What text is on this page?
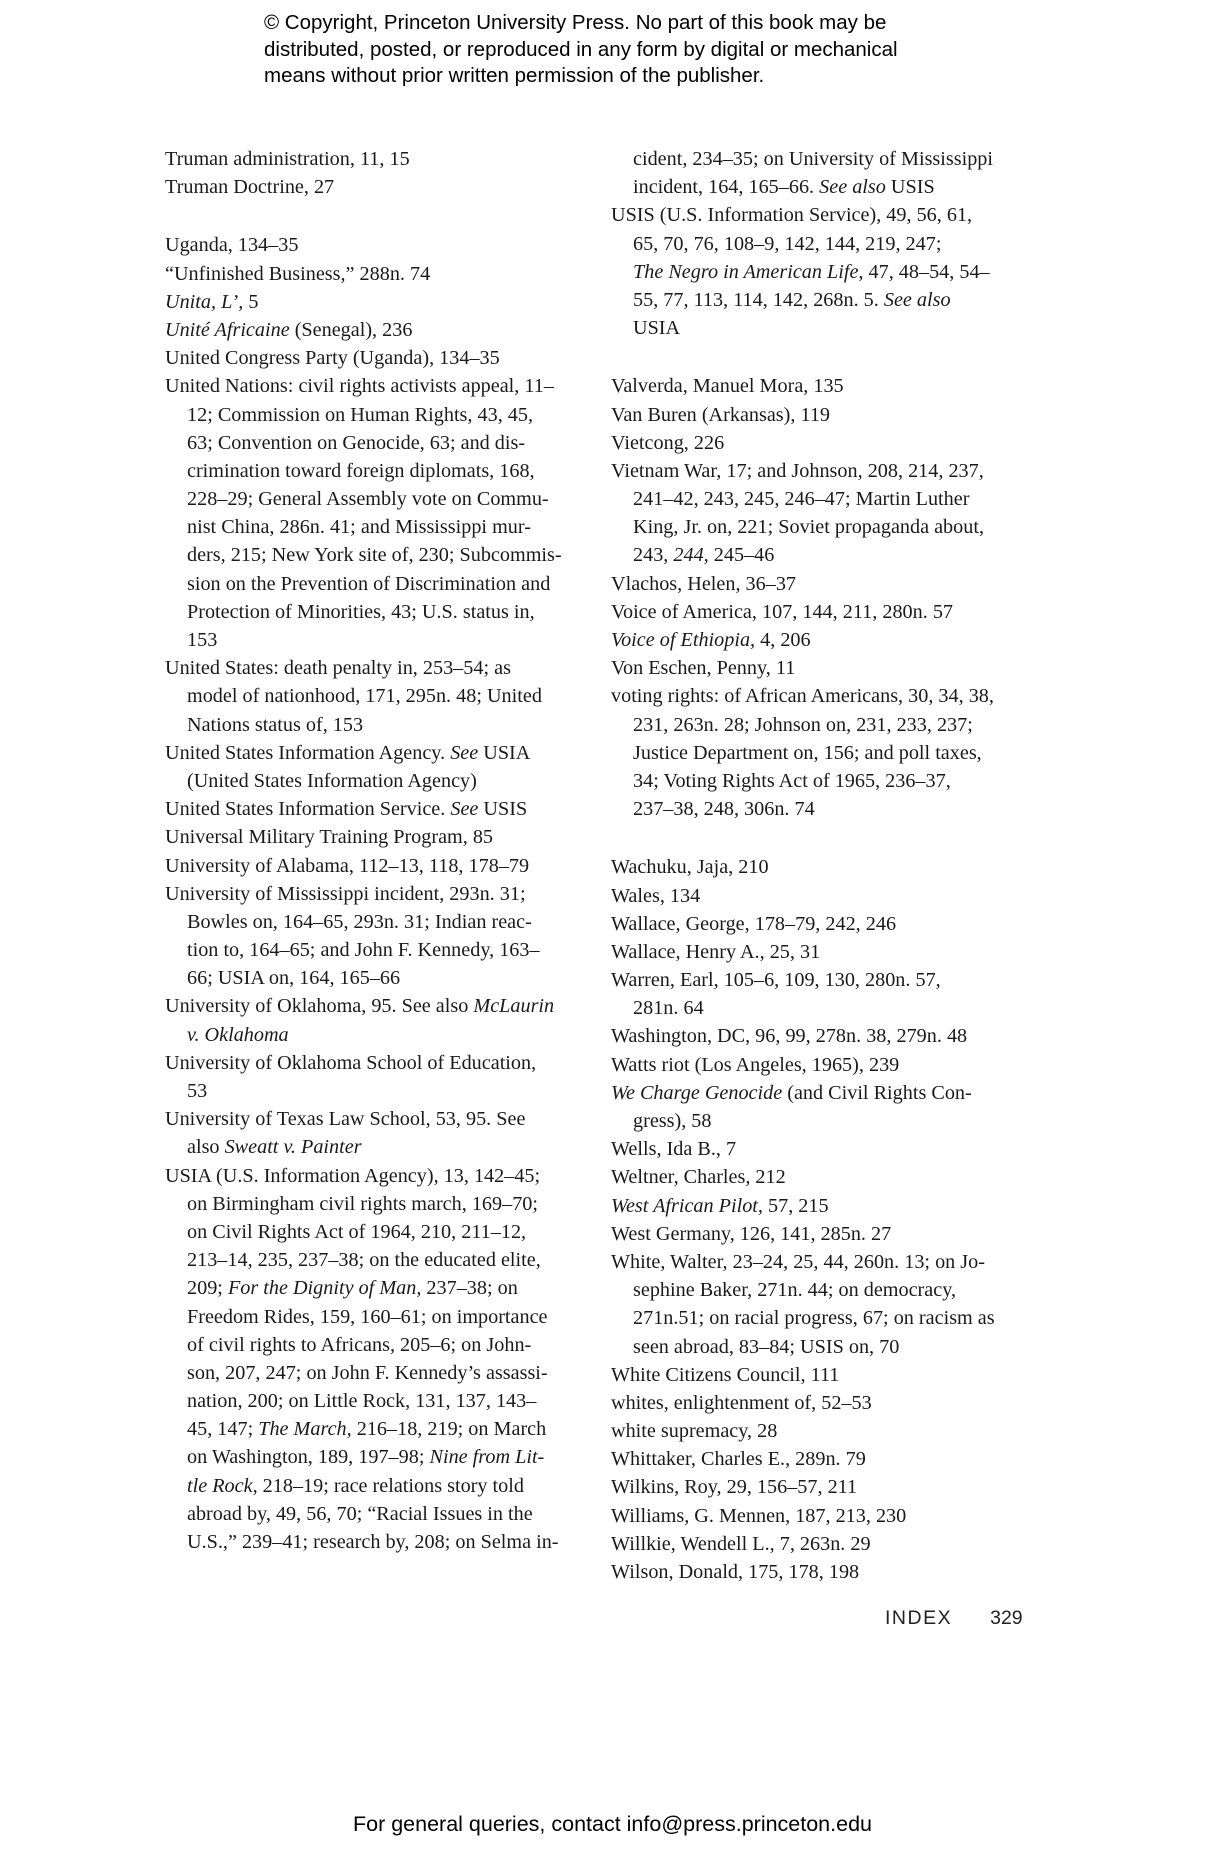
© Copyright, Princeton University Press. No part of this book may be
distributed, posted, or reproduced in any form by digital or mechanical
means without prior written permission of the publisher.
Truman administration, 11, 15
Truman Doctrine, 27
Uganda, 134–35
“Unfinished Business,” 288n. 74
Unita, L’, 5
Unité Africaine (Senegal), 236
United Congress Party (Uganda), 134–35
United Nations: civil rights activists appeal, 11–
12; Commission on Human Rights, 43, 45,
63; Convention on Genocide, 63; and dis-
crimination toward foreign diplomats, 168,
228–29; General Assembly vote on Commu-
nist China, 286n. 41; and Mississippi mur-
ders, 215; New York site of, 230; Subcommis-
sion on the Prevention of Discrimination and
Protection of Minorities, 43; U.S. status in,
153
United States: death penalty in, 253–54; as
model of nationhood, 171, 295n. 48; United
Nations status of, 153
United States Information Agency. See USIA
(United States Information Agency)
United States Information Service. See USIS
Universal Military Training Program, 85
University of Alabama, 112–13, 118, 178–79
University of Mississippi incident, 293n. 31;
Bowles on, 164–65, 293n. 31; Indian reac-
tion to, 164–65; and John F. Kennedy, 163–
66; USIA on, 164, 165–66
University of Oklahoma, 95. See also McLaurin
v. Oklahoma
University of Oklahoma School of Education,
53
University of Texas Law School, 53, 95. See
also Sweatt v. Painter
USIA (U.S. Information Agency), 13, 142–45;
on Birmingham civil rights march, 169–70;
on Civil Rights Act of 1964, 210, 211–12,
213–14, 235, 237–38; on the educated elite,
209; For the Dignity of Man, 237–38; on
Freedom Rides, 159, 160–61; on importance
of civil rights to Africans, 205–6; on John-
son, 207, 247; on John F. Kennedy’s assassi-
nation, 200; on Little Rock, 131, 137, 143–
45, 147; The March, 216–18, 219; on March
on Washington, 189, 197–98; Nine from Lit-
tle Rock, 218–19; race relations story told
abroad by, 49, 56, 70; “Racial Issues in the
U.S.,” 239–41; research by, 208; on Selma in-
cident, 234–35; on University of Mississippi
incident, 164, 165–66. See also USIS
USIS (U.S. Information Service), 49, 56, 61,
65, 70, 76, 108–9, 142, 144, 219, 247;
The Negro in American Life, 47, 48–54, 54–
55, 77, 113, 114, 142, 268n. 5. See also
USIA
Valverda, Manuel Mora, 135
Van Buren (Arkansas), 119
Vietcong, 226
Vietnam War, 17; and Johnson, 208, 214, 237,
241–42, 243, 245, 246–47; Martin Luther
King, Jr. on, 221; Soviet propaganda about,
243, 244, 245–46
Vlachos, Helen, 36–37
Voice of America, 107, 144, 211, 280n. 57
Voice of Ethiopia, 4, 206
Von Eschen, Penny, 11
voting rights: of African Americans, 30, 34, 38,
231, 263n. 28; Johnson on, 231, 233, 237;
Justice Department on, 156; and poll taxes,
34; Voting Rights Act of 1965, 236–37,
237–38, 248, 306n. 74
Wachuku, Jaja, 210
Wales, 134
Wallace, George, 178–79, 242, 246
Wallace, Henry A., 25, 31
Warren, Earl, 105–6, 109, 130, 280n. 57,
281n. 64
Washington, DC, 96, 99, 278n. 38, 279n. 48
Watts riot (Los Angeles, 1965), 239
We Charge Genocide (and Civil Rights Con-
gress), 58
Wells, Ida B., 7
Weltner, Charles, 212
West African Pilot, 57, 215
West Germany, 126, 141, 285n. 27
White, Walter, 23–24, 25, 44, 260n. 13; on Jo-
sephine Baker, 271n. 44; on democracy,
271n.51; on racial progress, 67; on racism as
seen abroad, 83–84; USIS on, 70
White Citizens Council, 111
whites, enlightenment of, 52–53
white supremacy, 28
Whittaker, Charles E., 289n. 79
Wilkins, Roy, 29, 156–57, 211
Williams, G. Mennen, 187, 213, 230
Willkie, Wendell L., 7, 263n. 29
Wilson, Donald, 175, 178, 198
INDEX 329
For general queries, contact info@press.princeton.edu
